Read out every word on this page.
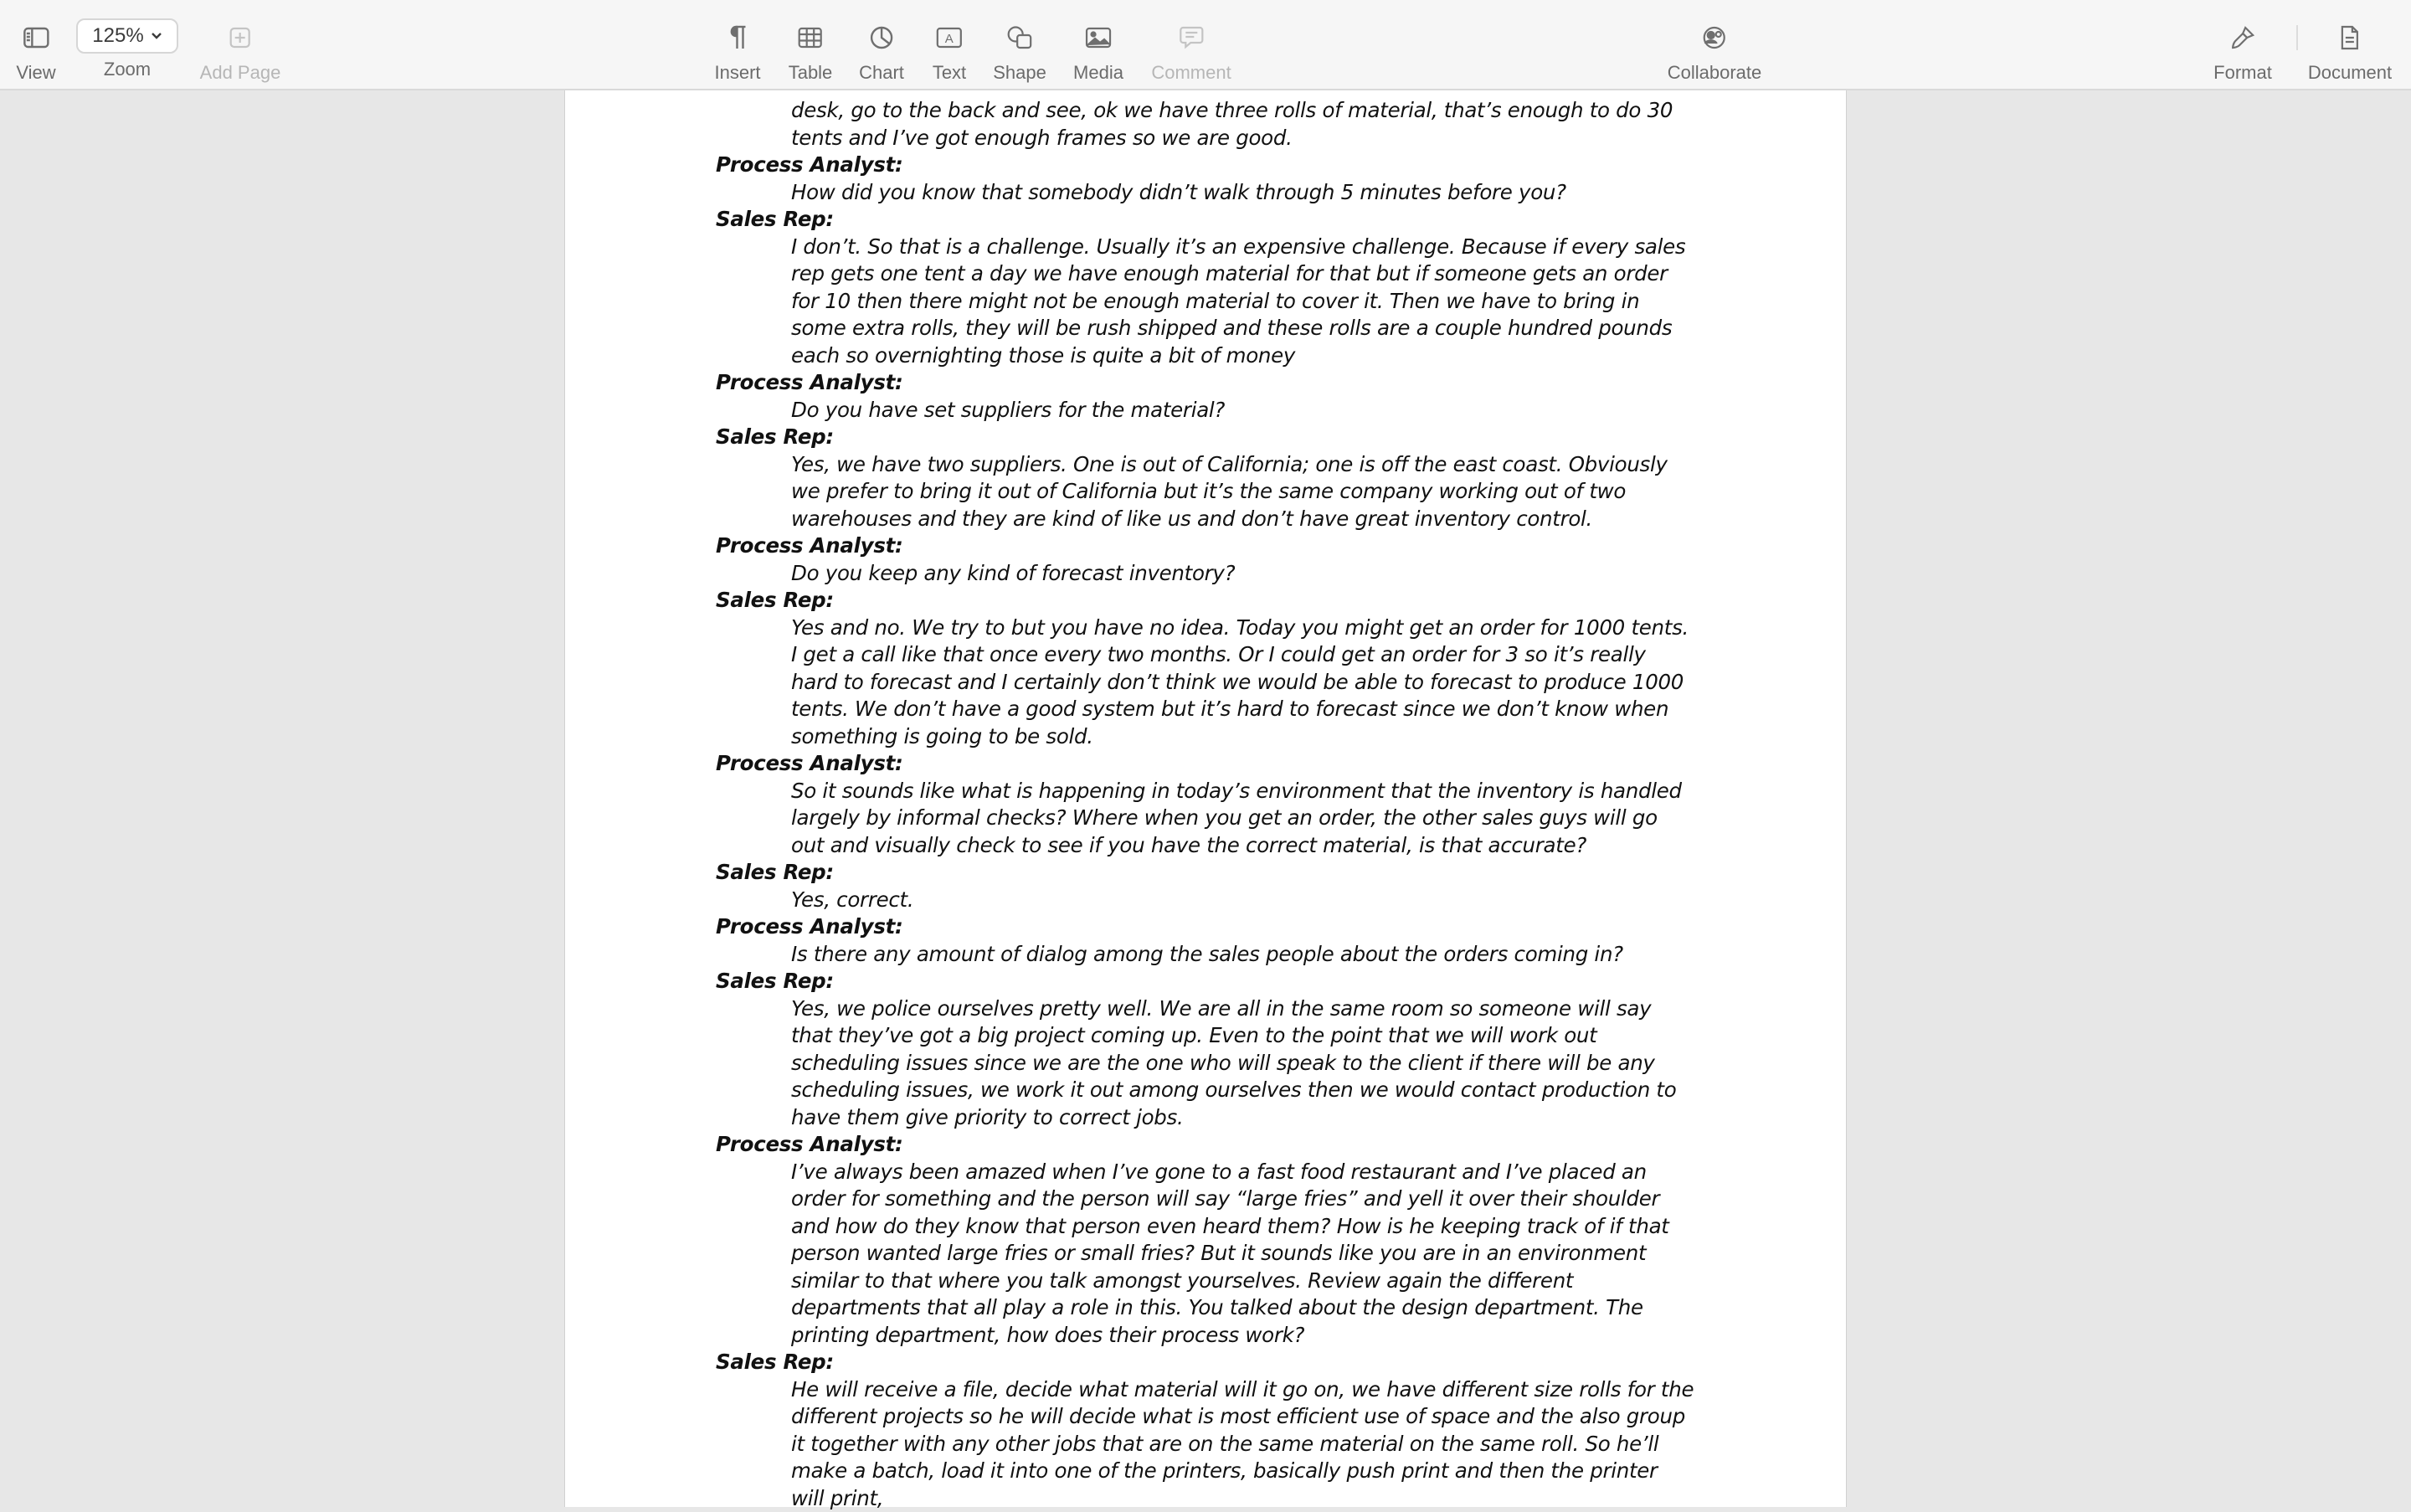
View
125%
Zoom	Add Page	Insert Table Chart
A
Text Shape Media Comment	Collaborate	Format Document

desk, go to the back and see, ok we have three rolls of material, that’s enough to do 30 tents and I’ve got enough frames so we are good.

Process Analyst:

How did you know that somebody didn’t walk through 5 minutes before you?

Sales Rep:

I don’t. So that is a challenge. Usually it’s an expensive challenge. Because if every sales rep gets one tent a day we have enough material for that but if someone gets an order for 10 then there might not be enough material to cover it. Then we have to bring in some extra rolls, they will be rush shipped and these rolls are a couple hundred pounds each so overnighting those is quite a bit of money

Process Analyst:

Do you have set suppliers for the material?

Sales Rep:

Yes, we have two suppliers. One is out of California; one is off the east coast. Obviously we prefer to bring it out of California but it’s the same company working out of two warehouses and they are kind of like us and don’t have great inventory control.

Process Analyst:

Do you keep any kind of forecast inventory?

Sales Rep:

Yes and no. We try to but you have no idea. Today you might get an order for 1000 tents. I get a call like that once every two months. Or I could get an order for 3 so it’s really hard to forecast and I certainly don’t think we would be able to forecast to produce 1000 tents. We don’t have a good system but it’s hard to forecast since we don’t know when something is going to be sold.

Process Analyst:

So it sounds like what is happening in today’s environment that the inventory is handled largely by informal checks? Where when you get an order, the other sales guys will go out and visually check to see if you have the correct material, is that accurate?

Sales Rep:

Yes, correct.

Process Analyst:

Is there any amount of dialog among the sales people about the orders coming in?

Sales Rep:

Yes, we police ourselves pretty well. We are all in the same room so someone will say that they’ve got a big project coming up. Even to the point that we will work out scheduling issues since we are the one who will speak to the client if there will be any scheduling issues, we work it out among ourselves then we would contact production to have them give priority to correct jobs.

Process Analyst:

I’ve always been amazed when I’ve gone to a fast food restaurant and I’ve placed an order for something and the person will say “large fries” and yell it over their shoulder and how do they know that person even heard them? How is he keeping track of if that person wanted large fries or small fries? But it sounds like you are in an environment similar to that where you talk amongst yourselves. Review again the different departments that all play a role in this. You talked about the design department. The printing department, how does their process work?

Sales Rep:

He will receive a file, decide what material will it go on, we have different size rolls for the different projects so he will decide what is most efficient use of space and the also group it together with any other jobs that are on the same material on the same roll. So he’ll make a batch, load it into one of the printers, basically push print and then the printer will print,
